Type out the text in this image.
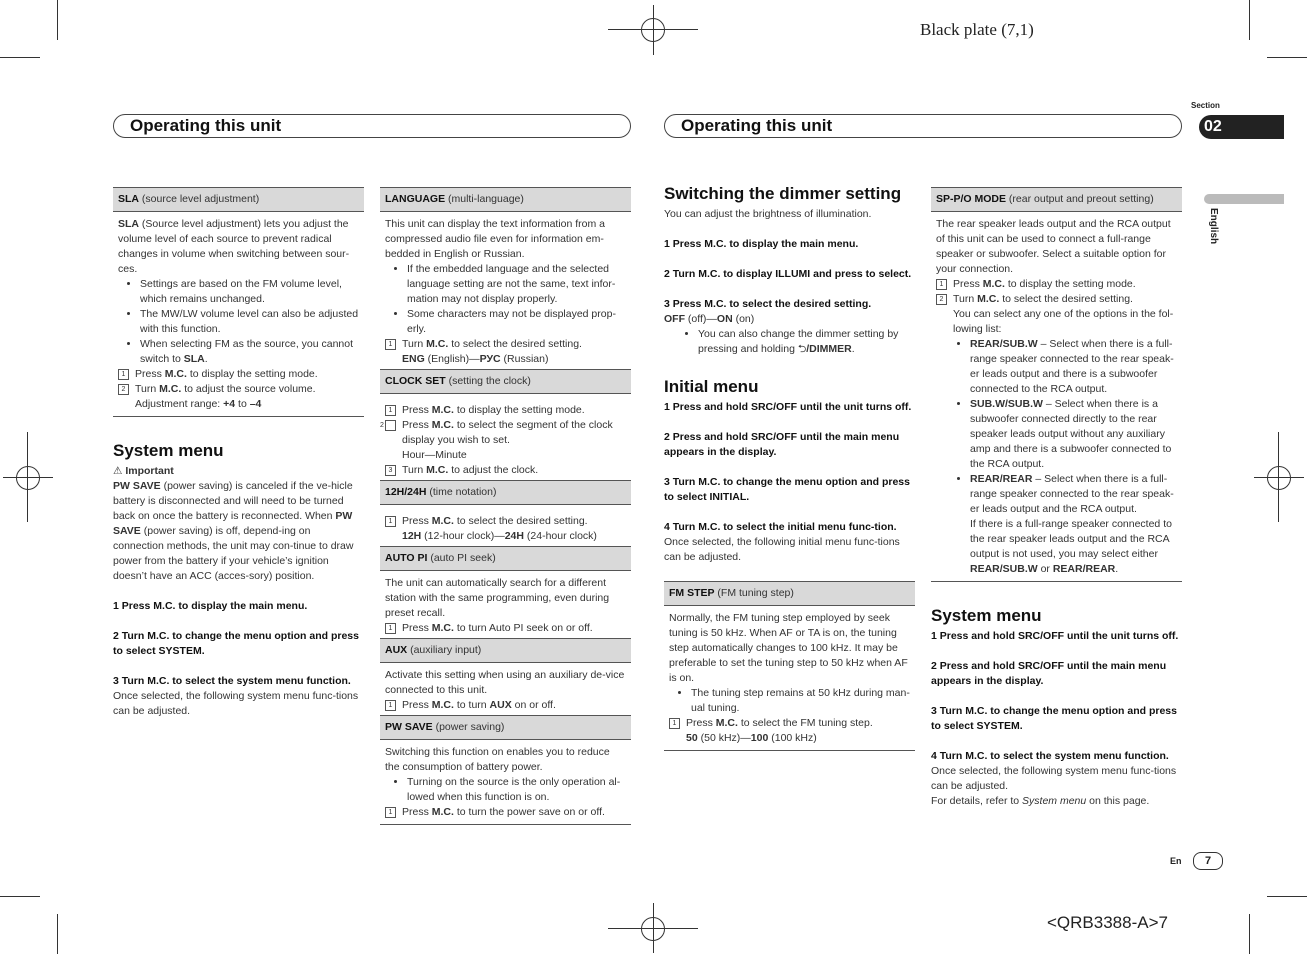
Black plate (7,1)
<QRB3388-A>7
Operating this unit	Operating this unit
Section
02
English

SLA (source level adjustment)

SLA (Source level adjustment) lets you adjust the volume level of each source to prevent radical changes in volume when switching between sour-ces.

• Settings are based on the FM volume level, which remains unchanged.
• The MW/LW volume level can also be adjusted with this function.
• When selecting FM as the source, you cannot switch to SLA.

1 Press M.C. to display the setting mode.

2 Turn M.C. to adjust the source volume.

Adjustment range: +4 to –4

System menu

⚠ Important

PW SAVE (power saving) is canceled if the ve-hicle battery is disconnected and will need to be turned back on once the battery is reconnected. When PW SAVE (power saving) is off, depend-ing on connection methods, the unit may con-tinue to draw power from the battery if your vehicle’s ignition doesn’t have an ACC (acces-sory) position.

1 Press M.C. to display the main menu.

2 Turn M.C. to change the menu option and press to select SYSTEM.

3 Turn M.C. to select the system menu function.

Once selected, the following system menu func-tions can be adjusted.

LANGUAGE (multi-language)

This unit can display the text information from a compressed audio file even for information em-bedded in English or Russian.

• If the embedded language and the selected language setting are not the same, text infor-mation may not display properly.
• Some characters may not be displayed prop-erly.

1 Turn M.C. to select the desired setting.

ENG (English)—РУС (Russian)

CLOCK SET (setting the clock)

1 Press M.C. to display the setting mode.

2 Press M.C. to select the segment of the clock display you wish to set.

Hour—Minute

3 Turn M.C. to adjust the clock.

12H/24H (time notation)

1 Press M.C. to select the desired setting.

12H (12-hour clock)—24H (24-hour clock)

AUTO PI (auto PI seek)

The unit can automatically search for a different station with the same programming, even during preset recall.

1 Press M.C. to turn Auto PI seek on or off.

AUX (auxiliary input)

Activate this setting when using an auxiliary de-vice connected to this unit.

1 Press M.C. to turn AUX on or off.

PW SAVE (power saving)

Switching this function on enables you to reduce the consumption of battery power.

• Turning on the source is the only operation al-lowed when this function is on.

1 Press M.C. to turn the power save on or off.

Switching the dimmer setting

You can adjust the brightness of illumination.

1 Press M.C. to display the main menu.

2 Turn M.C. to display ILLUMI and press to select.

3 Press M.C. to select the desired setting.

OFF (off)—ON (on)

• You can also change the dimmer setting by pressing and holding ⮌/DIMMER.

Initial menu

1 Press and hold SRC/OFF until the unit turns off.

2 Press and hold SRC/OFF until the main menu appears in the display.

3 Turn M.C. to change the menu option and press to select INITIAL.

4 Turn M.C. to select the initial menu func-tion.

Once selected, the following initial menu func-tions can be adjusted.

FM STEP (FM tuning step)

Normally, the FM tuning step employed by seek tuning is 50 kHz. When AF or TA is on, the tuning step automatically changes to 100 kHz. It may be preferable to set the tuning step to 50 kHz when AF is on.

• The tuning step remains at 50 kHz during man-ual tuning.

1 Press M.C. to select the FM tuning step.

50 (50 kHz)—100 (100 kHz)

SP-P/O MODE (rear output and preout setting)

The rear speaker leads output and the RCA output of this unit can be used to connect a full-range speaker or subwoofer. Select a suitable option for your connection.

1 Press M.C. to display the setting mode.

2 Turn M.C. to select the desired setting.

You can select any one of the options in the fol-lowing list:

• REAR/SUB.W – Select when there is a full-range speaker connected to the rear speak-er leads output and there is a subwoofer connected to the RCA output.
• SUB.W/SUB.W – Select when there is a subwoofer connected directly to the rear speaker leads output without any auxiliary amp and there is a subwoofer connected to the RCA output.
• REAR/REAR – Select when there is a full-range speaker connected to the rear speak-er leads output and the RCA output.
If there is a full-range speaker connected to the rear speaker leads output and the RCA output is not used, you may select either REAR/SUB.W or REAR/REAR.

System menu

1 Press and hold SRC/OFF until the unit turns off.

2 Press and hold SRC/OFF until the main menu appears in the display.

3 Turn M.C. to change the menu option and press to select SYSTEM.

4 Turn M.C. to select the system menu function.

Once selected, the following system menu func-tions can be adjusted.

For details, refer to System menu on this page.

En	7
